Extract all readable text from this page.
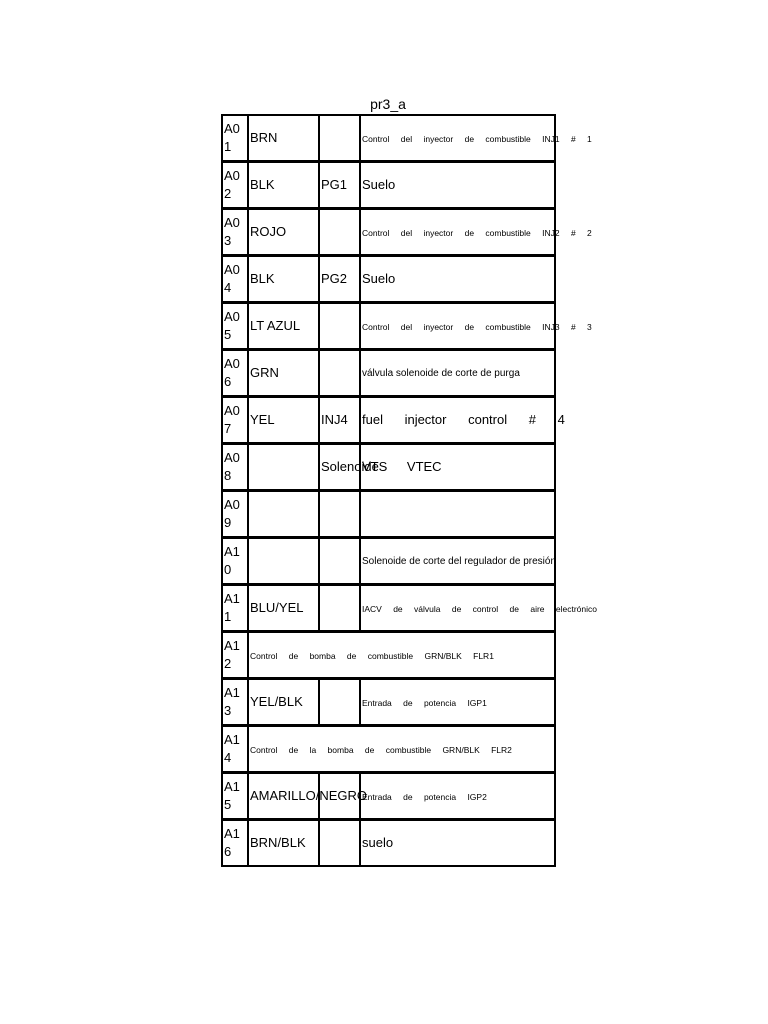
pr3_a
A0 1	BRN		Control del inyector de combustible INJ1 # 1
A0 2	BLK	PG1	Suelo
A0 3	ROJO		Control del inyector de combustible INJ2 # 2
A0 4	BLK	PG2	Suelo
A0 5	LT AZUL		Control del inyector de combustible INJ3 # 3
A0 6	GRN		válvula solenoide de corte de purga
A0 7	YEL	INJ4	fuel injector control # 4
A0 8		Solenoide	VTS VTEC
A0 9			
A1 0			Solenoide de corte del regulador de presión
A1 1	BLU/YEL		IACV de válvula de control de aire electrónico
A1 2	Control de bomba de combustible GRN/BLK FLR1		
A1 3	YEL/BLK		Entrada de potencia IGP1
A1 4	Control de la bomba de combustible GRN/BLK FLR2		
A1 5	AMARILLO/NEGRO		Entrada de potencia IGP2
A1 6	BRN/BLK		suelo
